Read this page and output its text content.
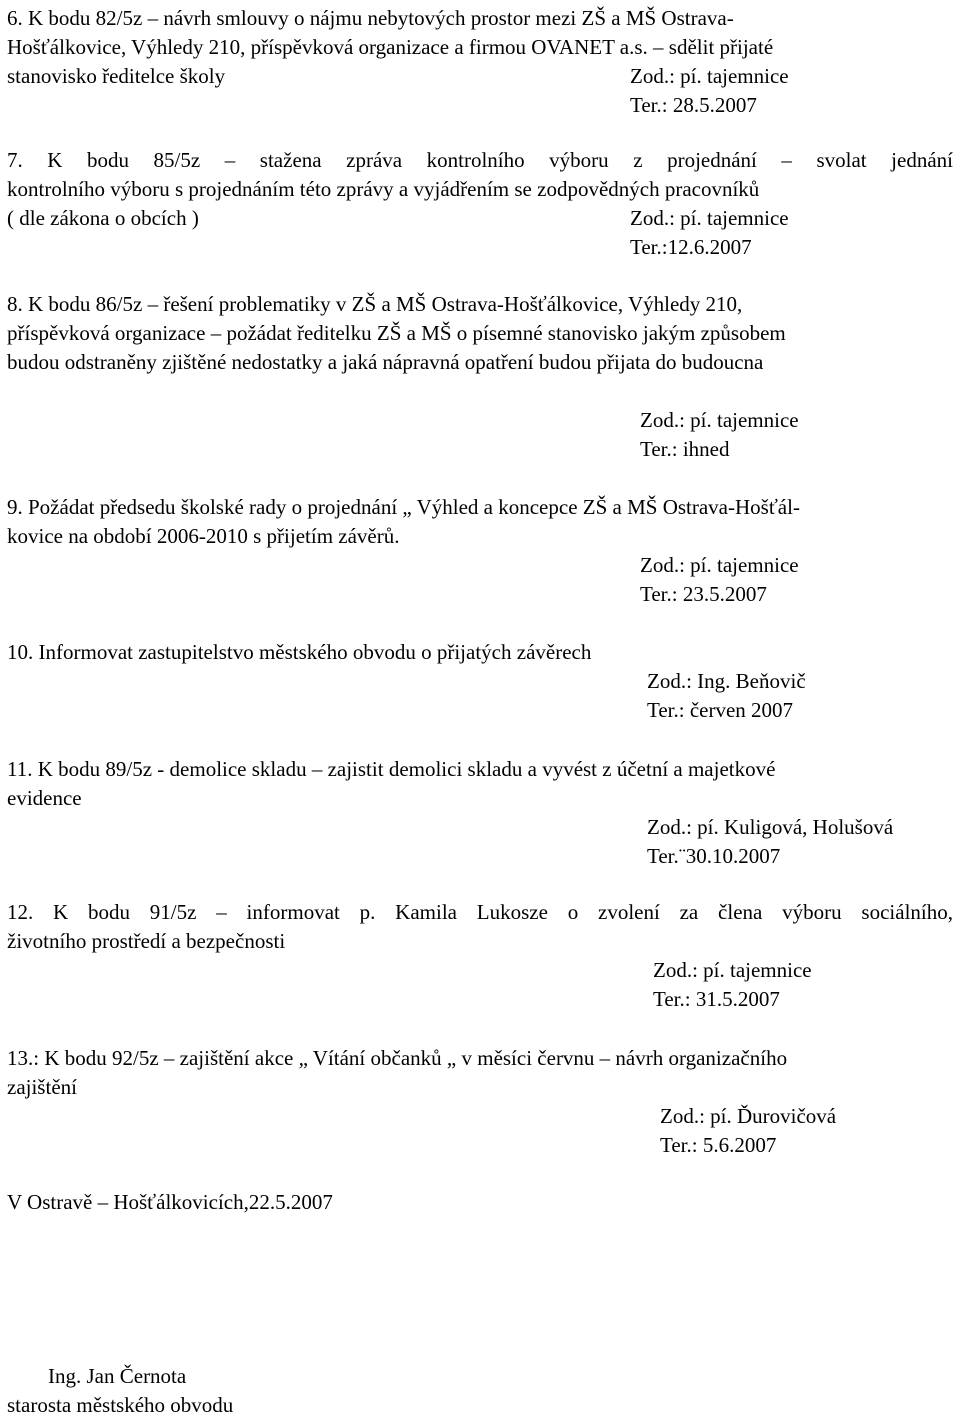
6. K bodu 82/5z – návrh smlouvy o nájmu nebytových prostor mezi ZŠ a MŠ Ostrava-
Hošťálkovice, Výhledy 210, příspěvková organizace a firmou OVANET a.s. – sdělit přijaté
stanovisko ředitelce školy	Zod.: pí. tajemnice
Ter.: 28.5.2007
7. K bodu 85/5z – stažena zpráva kontrolního výboru z projednání – svolat jednání
kontrolního výboru s projednáním této zprávy a vyjádřením se zodpovědných pracovníků
( dle zákona o obcích )	Zod.: pí. tajemnice
Ter.:12.6.2007
8. K bodu 86/5z – řešení problematiky v ZŠ a MŠ Ostrava-Hošťálkovice, Výhledy 210,
příspěvková organizace – požádat ředitelku ZŠ a MŠ o písemné stanovisko jakým způsobem
budou odstraněny zjištěné nedostatky a jaká nápravná opatření budou přijata do budoucna
Zod.: pí. tajemnice
Ter.: ihned
9. Požádat předsedu školské rady o projednání „ Výhled a koncepce ZŠ a MŠ Ostrava-Hošťál-
kovice na období 2006-2010 s přijetím závěrů.
Zod.: pí. tajemnice
Ter.: 23.5.2007
10. Informovat zastupitelstvo městského obvodu o přijatých závěrech
Zod.: Ing. Beňovič
Ter.: červen 2007
11. K bodu 89/5z - demolice skladu – zajistit demolici skladu a vyvést z účetní a majetkové
evidence
Zod.: pí. Kuligová, Holušová
Ter.¨30.10.2007
12. K bodu 91/5z – informovat p. Kamila Lukosze o zvolení za člena výboru sociálního,
životního prostředí a bezpečnosti
Zod.: pí. tajemnice
Ter.: 31.5.2007
13.: K bodu 92/5z – zajištění akce „ Vítání občanků „ v měsíci červnu – návrh organizačního
zajištění
Zod.: pí. Ďurovičová
Ter.: 5.6.2007
V Ostravě – Hošťálkovicích,22.5.2007
Ing. Jan Černota
starosta městského obvodu
